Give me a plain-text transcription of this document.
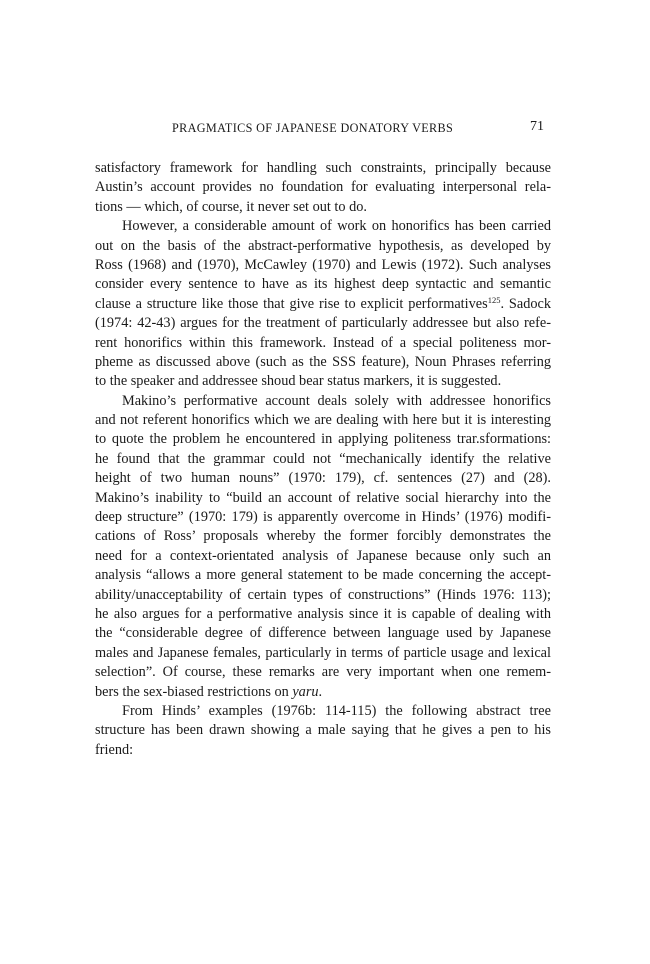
PRAGMATICS OF JAPANESE DONATORY VERBS	71
satisfactory framework for handling such constraints, principally because
Austin’s account provides no foundation for evaluating interpersonal rela-
tions — which, of course, it never set out to do.
However, a considerable amount of work on honorifics has been carried
out on the basis of the abstract-performative hypothesis, as developed by
Ross (1968) and (1970), McCawley (1970) and Lewis (1972). Such analyses
consider every sentence to have as its highest deep syntactic and semantic
clause a structure like those that give rise to explicit performatives$^{125}$. Sadock
(1974: 42-43) argues for the treatment of particularly addressee but also refe-
rent honorifics within this framework. Instead of a special politeness mor-
pheme as discussed above (such as the SSS feature), Noun Phrases referring
to the speaker and addressee shoud bear status markers, it is suggested.
Makino’s performative account deals solely with addressee honorifics
and not referent honorifics which we are dealing with here but it is interesting
to quote the problem he encountered in applying politeness trar.sformations:
he found that the grammar could not “mechanically identify the relative
height of two human nouns” (1970: 179), cf. sentences (27) and (28).
Makino’s inability to “build an account of relative social hierarchy into the
deep structure” (1970: 179) is apparently overcome in Hinds’ (1976) modifi-
cations of Ross’ proposals whereby the former forcibly demonstrates the
need for a context-orientated analysis of Japanese because only such an
analysis “allows a more general statement to be made concerning the accept-
ability/unacceptability of certain types of constructions” (Hinds 1976: 113);
he also argues for a performative analysis since it is capable of dealing with
the “considerable degree of difference between language used by Japanese
males and Japanese females, particularly in terms of particle usage and lexical
selection”. Of course, these remarks are very important when one remem-
bers the sex-biased restrictions on yaru.
From Hinds’ examples (1976b: 114-115) the following abstract tree
structure has been drawn showing a male saying that he gives a pen to his
friend:
